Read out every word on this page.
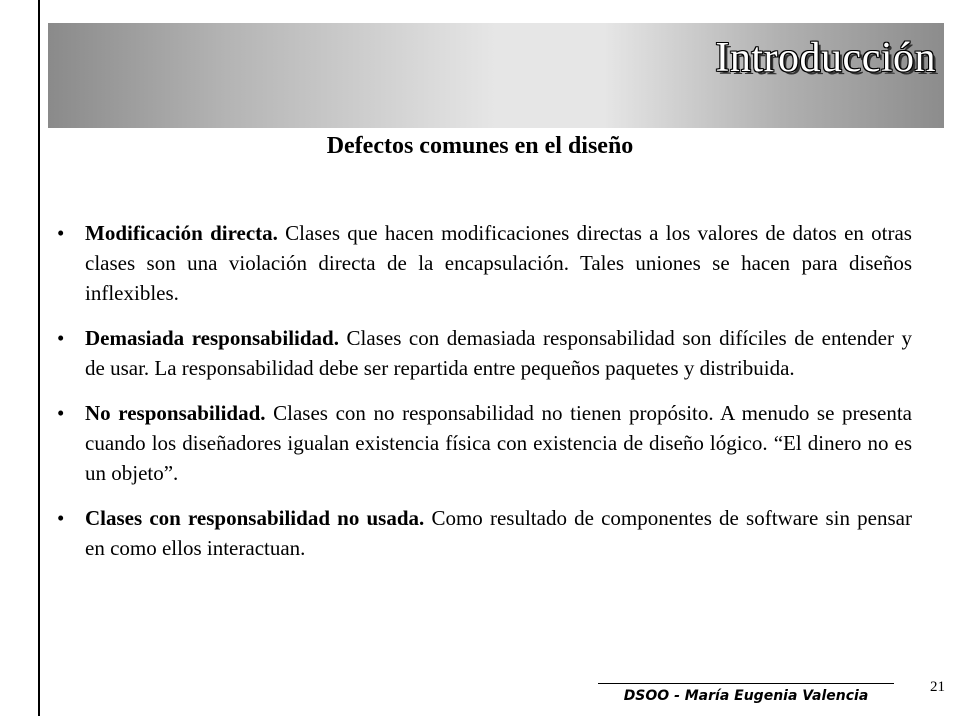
Introducción
Defectos comunes en el diseño
• Modificación directa. Clases que hacen modificaciones directas a los valores de datos en otras clases son una violación directa de la encapsulación. Tales uniones se hacen para diseños inflexibles.
• Demasiada responsabilidad. Clases con demasiada responsabilidad son difíciles de entender y de usar. La responsabilidad debe ser repartida entre pequeños paquetes y distribuida.
• No responsabilidad. Clases con no responsabilidad no tienen propósito. A menudo se presenta cuando los diseñadores igualan existencia física con existencia de diseño lógico. “El dinero no es un objeto”.
• Clases con responsabilidad no usada. Como resultado de componentes de software sin pensar en como ellos interactuan.
DSOO - María Eugenia Valencia
21
